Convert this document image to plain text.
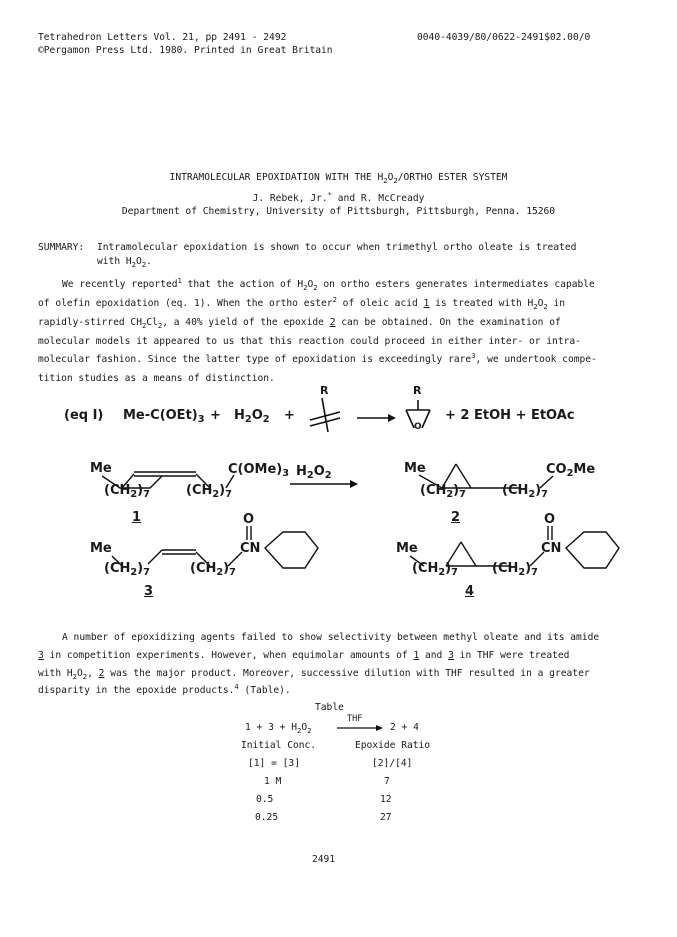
Tetrahedron Letters Vol. 21, pp 2491 - 2492
©Pergamon Press Ltd. 1980. Printed in Great Britain
0040-4039/80/0622-2491$02.00/0
INTRAMOLECULAR EPOXIDATION WITH THE $H_2O_2$/ORTHO ESTER SYSTEM
J. Rebek, Jr.* and R. McCready
Department of Chemistry, University of Pittsburgh, Pittsburgh, Penna. 15260
SUMMARY: Intramolecular epoxidation is shown to occur when trimethyl ortho oleate is treated
with $H_2O_2$.
We recently reported$^1$ that the action of $H_2O_2$ on ortho esters generates intermediates capable
of olefin epoxidation (eq. 1). When the ortho ester$^2$ of oleic acid 1 is treated with $H_2O_2$ in
rapidly-stirred $CH_2Cl_2$, a 40% yield of the epoxide 2 can be obtained. On the examination of
molecular models it appeared to us that this reaction could proceed in either inter- or intra-
molecular fashion. Since the latter type of epoxidation is exceedingly rare$^3$, we undertook compe-
tition studies as a means of distinction.
(eq I) $Me-C(OEt)_3 + H_2O_2$ +
R	R
O
+ 2 EtOH + EtOAc
Me
$(CH_2)_7$	$(CH_2)_7$
$C(OMe)_3$ $H_2O_2$
1
Me
$(CH_2)_7$	$(CH_2)_7$
$CO_2Me$
2
Me
$(CH_2)_7$	$(CH_2)_7$
O
CN
3
Me
$(CH_2)_7$	$(CH_2)_7$
O
CN
4
A number of epoxidizing agents failed to show selectivity between methyl oleate and its amide
3 in competition experiments. However, when equimolar amounts of 1 and 3 in THF were treated
with $H_2O_2$, 2 was the major product. Moreover, successive dilution with THF resulted in a greater
disparity in the epoxide products.$^4$ (Table).
Table
$1 + 3 + H_2O_2$
THF
2 + 4
Initial Conc.	Epoxide Ratio
[1] = [3]	[2]/[4]
1 M	7
0.5	12
0.25	27
2491
